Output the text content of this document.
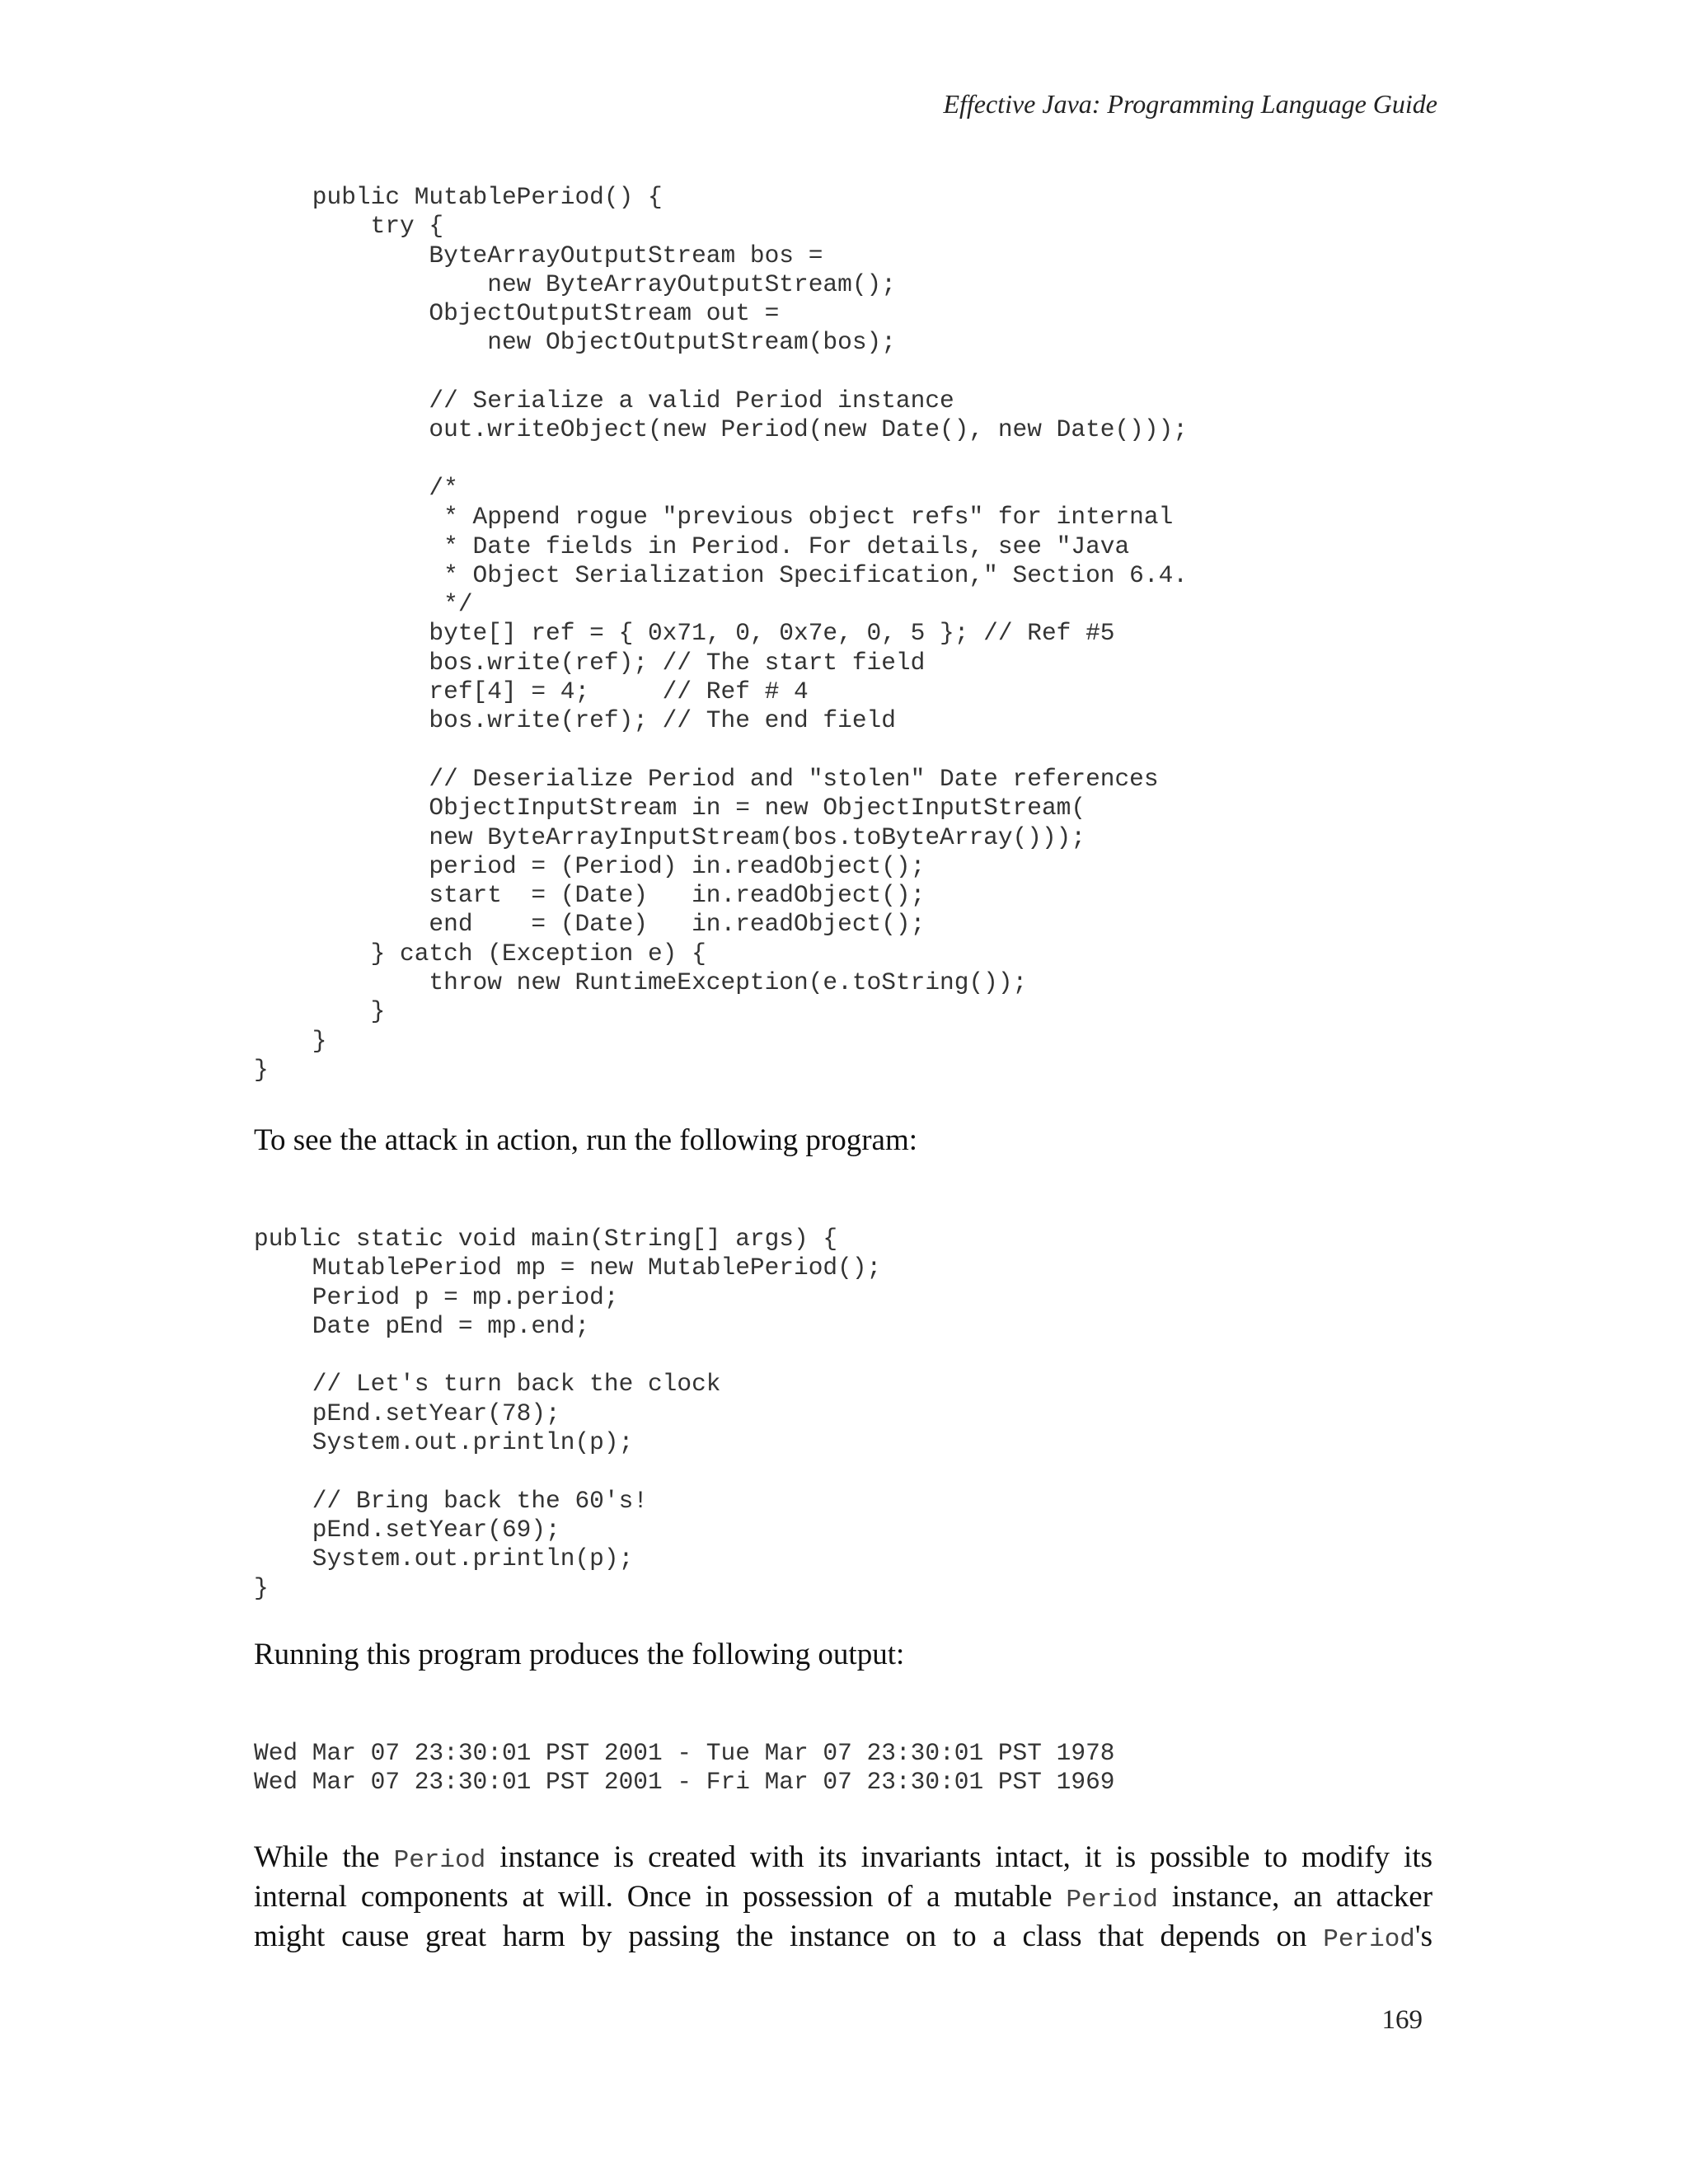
Effective Java: Programming Language Guide
public MutablePeriod() {
try {
ByteArrayOutputStream bos =
new ByteArrayOutputStream();
ObjectOutputStream out =
new ObjectOutputStream(bos);
// Serialize a valid Period instance
out.writeObject(new Period(new Date(), new Date()));
/*
* Append rogue "previous object refs" for internal
* Date fields in Period. For details, see "Java
* Object Serialization Specification," Section 6.4.
*/
byte[] ref = { 0x71, 0, 0x7e, 0, 5 }; // Ref #5
bos.write(ref); // The start field
ref[4] = 4;     // Ref # 4
bos.write(ref); // The end field
// Deserialize Period and "stolen" Date references
ObjectInputStream in = new ObjectInputStream(
new ByteArrayInputStream(bos.toByteArray()));
period = (Period) in.readObject();
start  = (Date)   in.readObject();
end    = (Date)   in.readObject();
} catch (Exception e) {
throw new RuntimeException(e.toString());
}
}
}

To see the attack in action, run the following program:

public static void main(String[] args) {
MutablePeriod mp = new MutablePeriod();
Period p = mp.period;
Date pEnd = mp.end;
// Let's turn back the clock
pEnd.setYear(78);
System.out.println(p);
// Bring back the 60's!
pEnd.setYear(69);
System.out.println(p);
}

Running this program produces the following output:

Wed Mar 07 23:30:01 PST 2001 - Tue Mar 07 23:30:01 PST 1978
Wed Mar 07 23:30:01 PST 2001 - Fri Mar 07 23:30:01 PST 1969
While the Period instance is created with its invariants intact, it is possible to modify its
internal components at will. Once in possession of a mutable Period instance, an attacker
might cause great harm by passing the instance on to a class that depends on Period's
169
